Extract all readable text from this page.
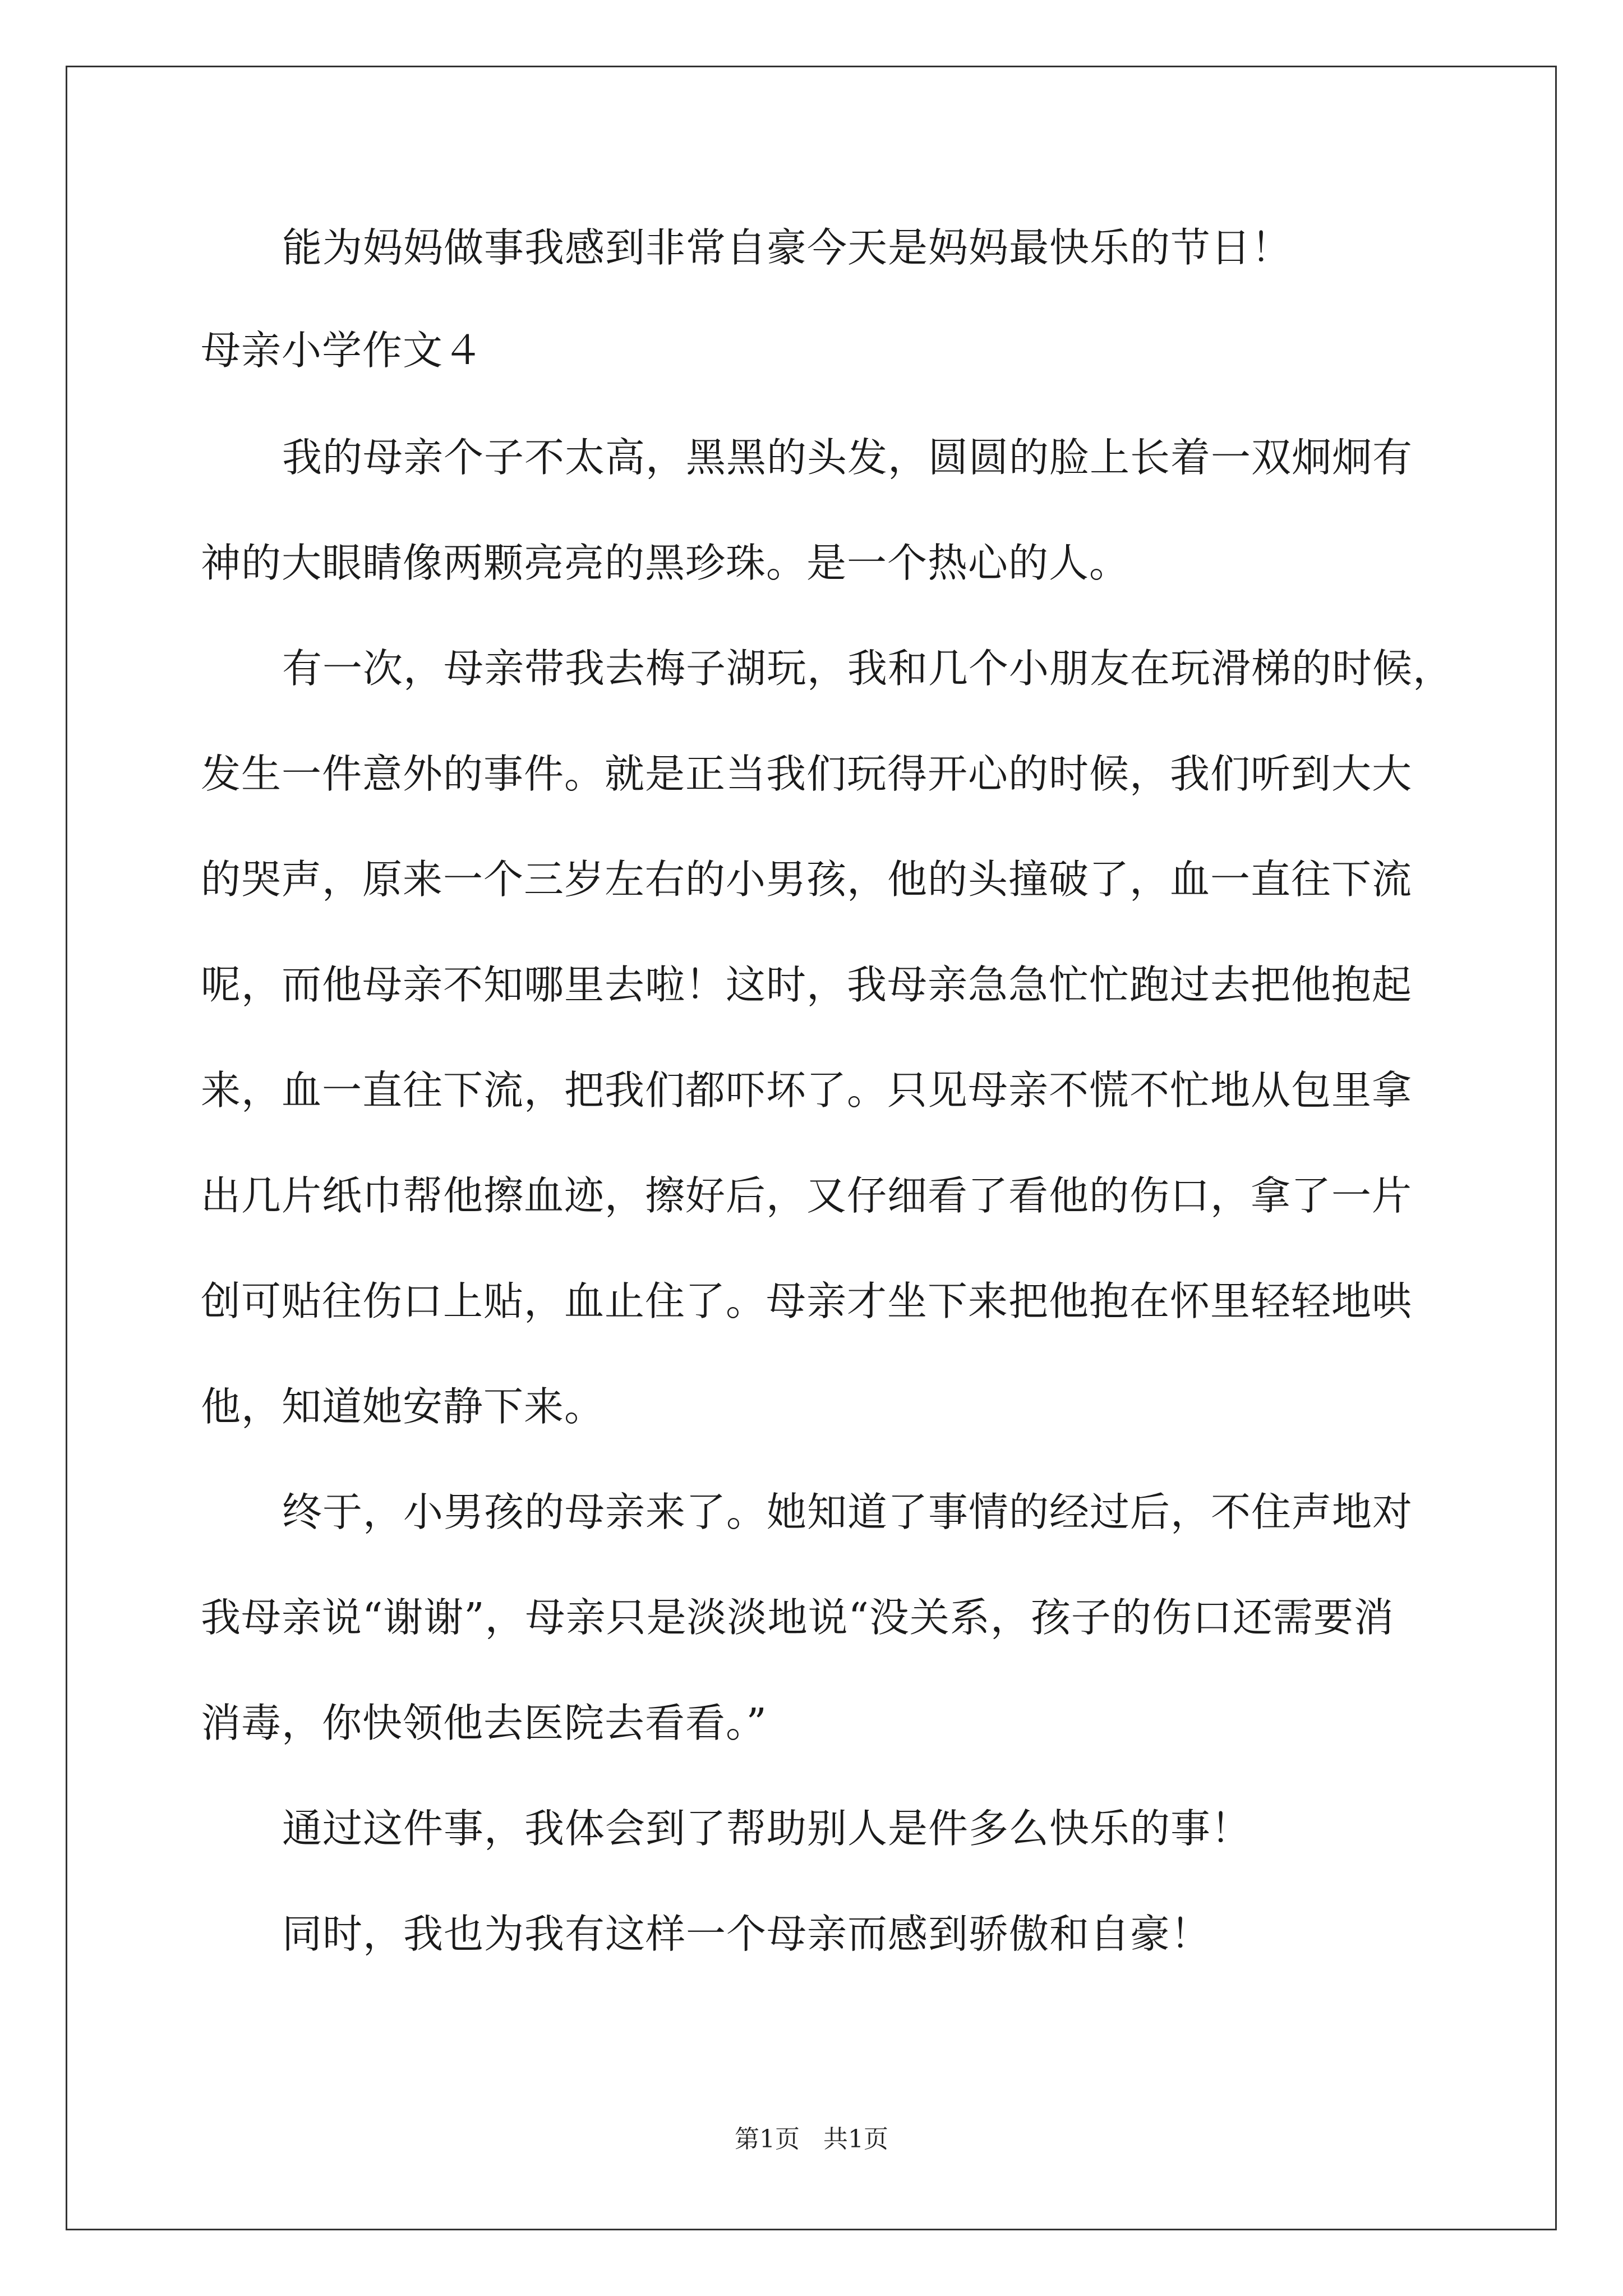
能为妈妈做事我感到非常自豪今天是妈妈最快乐的节日！
母亲小学作文４
我的母亲个子不太高，黑黑的头发，圆圆的脸上长着一双炯炯有
神的大眼睛像两颗亮亮的黑珍珠。是一个热心的人。
有一次，母亲带我去梅子湖玩，我和几个小朋友在玩滑梯的时候，
发生一件意外的事件。就是正当我们玩得开心的时候，我们听到大大
的哭声，原来一个三岁左右的小男孩，他的头撞破了，血一直往下流
呢，而他母亲不知哪里去啦！这时，我母亲急急忙忙跑过去把他抱起
来，血一直往下流，把我们都吓坏了。只见母亲不慌不忙地从包里拿
出几片纸巾帮他擦血迹，擦好后，又仔细看了看他的伤口，拿了一片
创可贴往伤口上贴，血止住了。母亲才坐下来把他抱在怀里轻轻地哄
他，知道她安静下来。
终于，小男孩的母亲来了。她知道了事情的经过后，不住声地对
我母亲说“谢谢”，母亲只是淡淡地说“没关系，孩子的伤口还需要消
消毒，你快领他去医院去看看。”
通过这件事，我体会到了帮助别人是件多么快乐的事！
同时，我也为我有这样一个母亲而感到骄傲和自豪！
第1页 共1页
